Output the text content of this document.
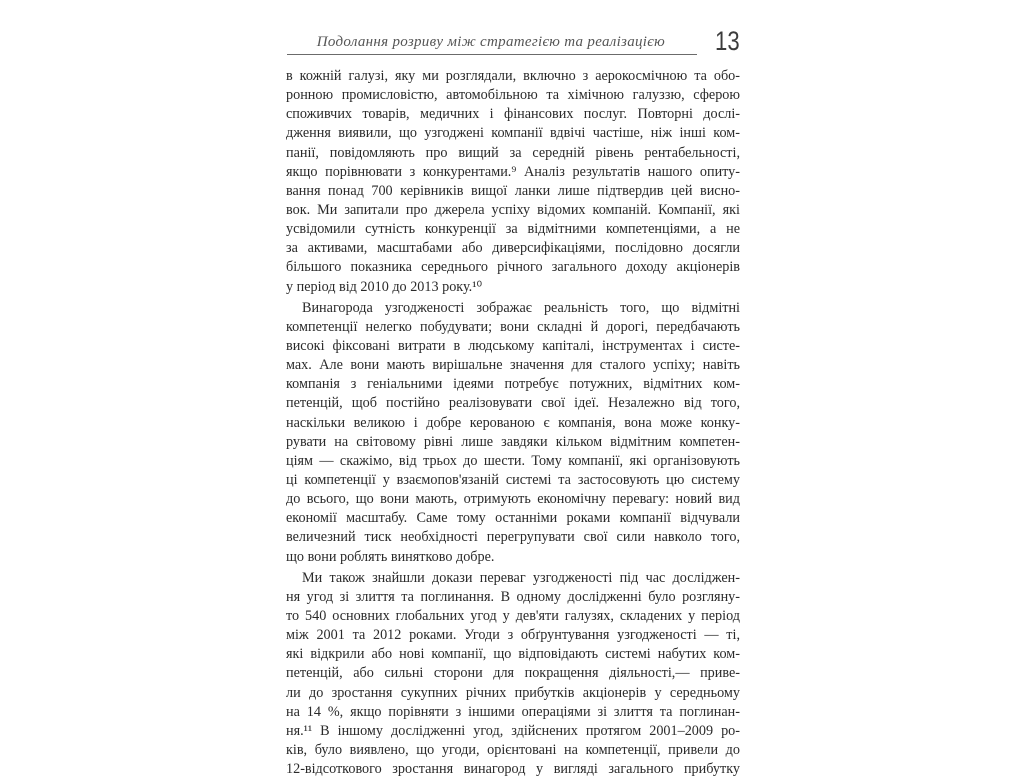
Подолання розриву між стратегією та реалізацією 13
в кожній галузі, яку ми розглядали, включно з аерокосмічною та обо-
ронною промисловістю, автомобільною та хімічною галуззю, сферою
споживчих товарів, медичних і фінансових послуг. Повторні дослі-
дження виявили, що узгоджені компанії вдвічі частіше, ніж інші ком-
панії, повідомляють про вищий за середній рівень рентабельності,
якщо порівнювати з конкурентами.⁹ Аналіз результатів нашого опиту-
вання понад 700 керівників вищої ланки лише підтвердив цей висно-
вок. Ми запитали про джерела успіху відомих компаній. Компанії, які
усвідомили сутність конкуренції за відмітними компетенціями, а не
за активами, масштабами або диверсифікаціями, послідовно досягли
більшого показника середнього річного загального доходу акціонерів
у період від 2010 до 2013 року.¹⁰
Винагорода узгодженості зображає реальність того, що відмітні
компетенції нелегко побудувати; вони складні й дорогі, передбачають
високі фіксовані витрати в людському капіталі, інструментах і систе-
мах. Але вони мають вирішальне значення для сталого успіху; навіть
компанія з геніальними ідеями потребує потужних, відмітних ком-
петенцій, щоб постійно реалізовувати свої ідеї. Незалежно від того,
наскільки великою і добре керованою є компанія, вона може конку-
рувати на світовому рівні лише завдяки кільком відмітним компетен-
ціям — скажімо, від трьох до шести. Тому компанії, які організовують
ці компетенції у взаємопов'язаній системі та застосовують цю систему
до всього, що вони мають, отримують економічну перевагу: новий вид
економії масштабу. Саме тому останніми роками компанії відчували
величезний тиск необхідності перегрупувати свої сили навколо того,
що вони роблять винятково добре.
Ми також знайшли докази переваг узгодженості під час досліджен-
ня угод зі злиття та поглинання. В одному дослідженні було розгляну-
то 540 основних глобальних угод у дев'яти галузях, складених у період
між 2001 та 2012 роками. Угоди з обґрунтування узгодженості — ті,
які відкрили або нові компанії, що відповідають системі набутих ком-
петенцій, або сильні сторони для покращення діяльності,— приве-
ли до зростання сукупних річних прибутків акціонерів у середньому
на 14 %, якщо порівняти з іншими операціями зі злиття та поглинан-
ня.¹¹ В іншому дослідженні угод, здійснених протягом 2001–2009 ро-
ків, було виявлено, що угоди, орієнтовані на компетенції, привели до
12-відсоткового зростання винагород у вигляді загального прибутку
